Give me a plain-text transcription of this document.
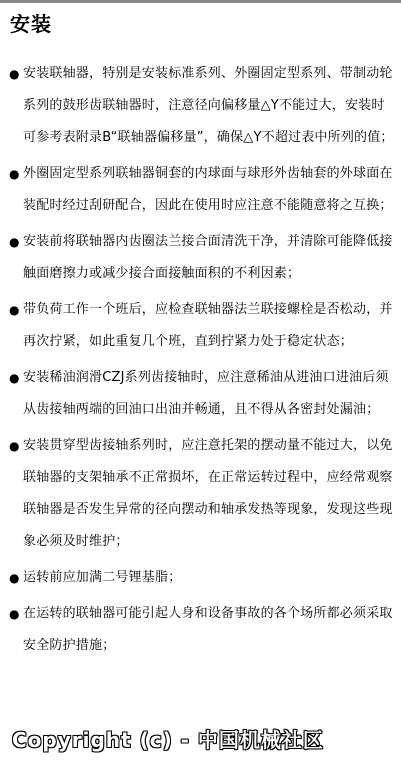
安装
● 安装联轴器，特别是安装标准系列、外圈固定型系列、带制动轮系列的鼓形齿联轴器时，注意径向偏移量△Y不能过大，安装时可参考表附录B“联轴器偏移量”，确保△Y不超过表中所列的值；
● 外圈固定型系列联轴器铜套的内球面与球形外齿轴套的外球面在装配时经过刮研配合，因此在使用时应注意不能随意将之互换；
● 安装前将联轴器内齿圈法兰接合面清洗干净，并清除可能降低接触面磨擦力或减少接合面接触面积的不利因素；
● 带负荷工作一个班后，应检查联轴器法兰联接螺栓是否松动，并再次拧紧，如此重复几个班，直到拧紧力处于稳定状态；
● 安装稀油润滑CZJ系列齿接轴时，应注意稀油从进油口进油后须从齿接轴两端的回油口出油并畅通，且不得从各密封处漏油；
● 安装贯穿型齿接轴系列时，应注意托架的摆动量不能过大，以免联轴器的支架轴承不正常损坏，在正常运转过程中，应经常观察联轴器是否发生异常的径向摆动和轴承发热等现象，发现这些现象必须及时维护；
● 运转前应加满二号锂基脂；
● 在运转的联轴器可能引起人身和设备事故的各个场所都必须采取安全防护措施；
Copyright (c) - 中国机械社区
